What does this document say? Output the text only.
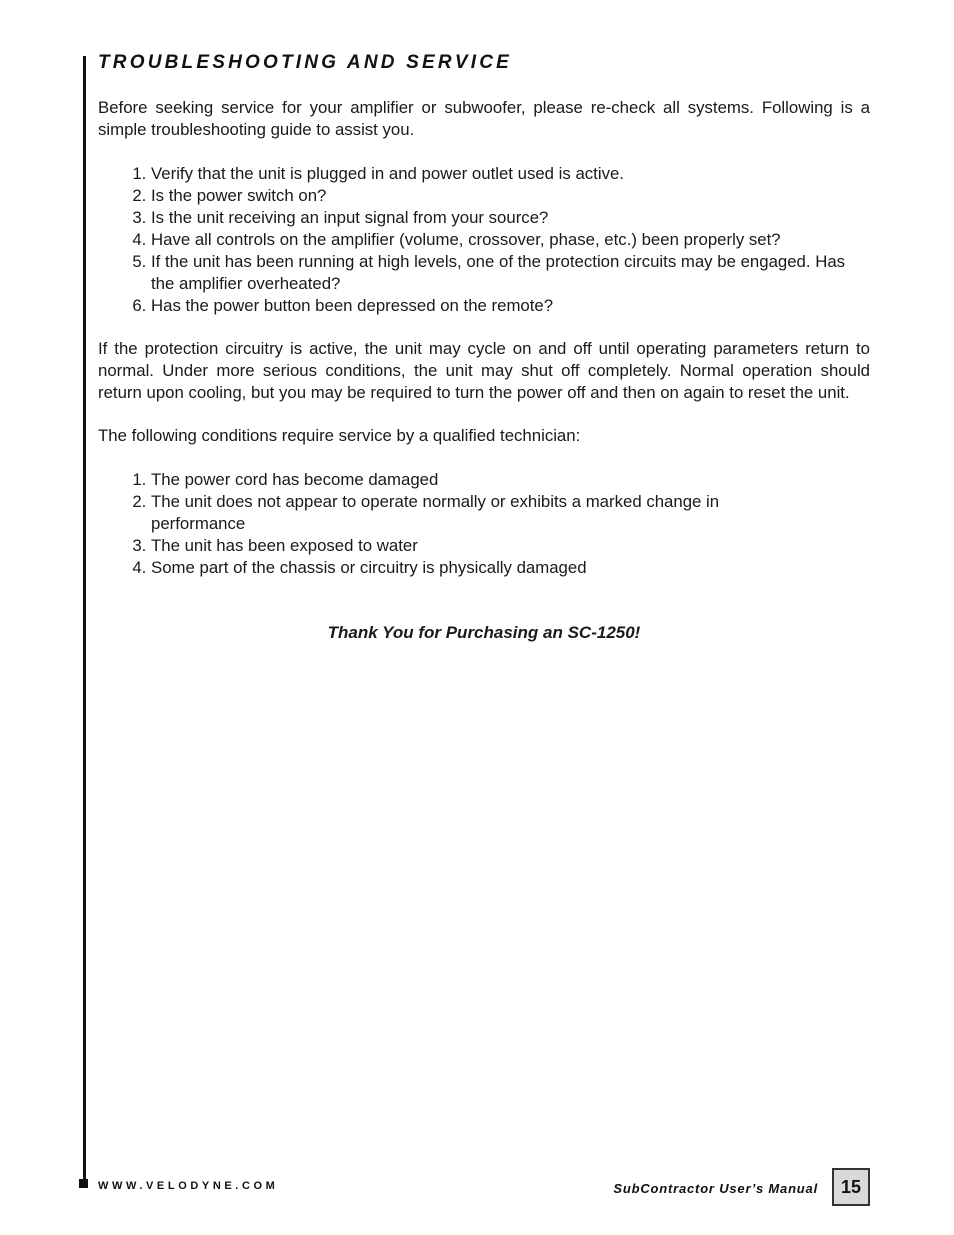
TROUBLESHOOTING AND SERVICE

Before seeking service for your amplifier or subwoofer, please re-check all systems. Following is a simple troubleshooting guide to assist you.

1. Verify that the unit is plugged in and power outlet used is active.
2. Is the power switch on?
3. Is the unit receiving an input signal from your source?
4. Have all controls on the amplifier (volume, crossover, phase, etc.) been properly set?
5. If the unit has been running at high levels, one of the protection circuits may be engaged. Has the amplifier overheated?
6. Has the power button been depressed on the remote?

If the protection circuitry is active, the unit may cycle on and off until operating parameters return to normal. Under more serious conditions, the unit may shut off completely. Normal operation should return upon cooling, but you may be required to turn the power off and then on again to reset the unit.

The following conditions require service by a qualified technician:

1. The power cord has become damaged
2. The unit does not appear to operate normally or exhibits a marked change in performance
3. The unit has been exposed to water
4. Some part of the chassis or circuitry is physically damaged
Thank You for Purchasing an SC-1250!
WWW.VELODYNE.COM	SubContractor User’s Manual	15
